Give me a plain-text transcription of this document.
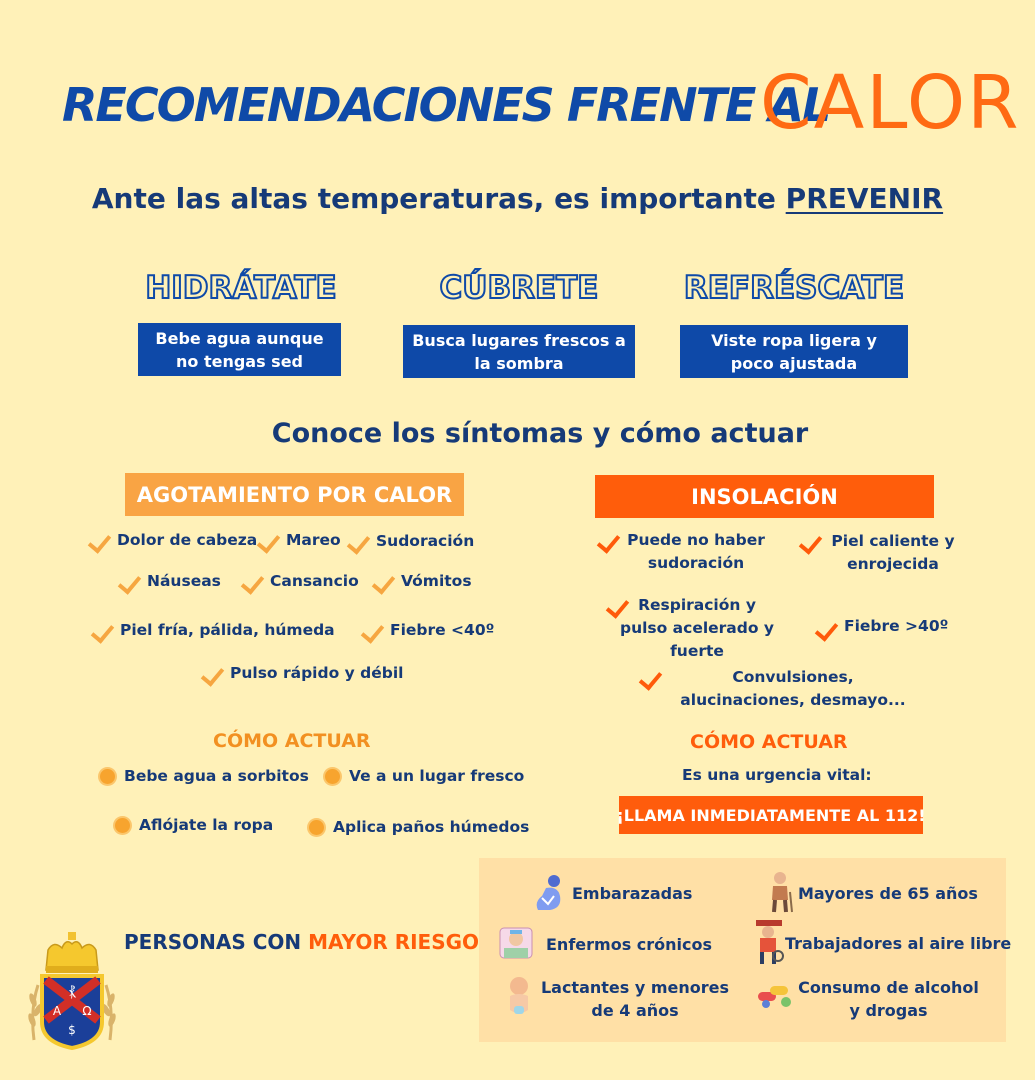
RECOMENDACIONES FRENTE AL
CALOR
Ante las altas temperaturas, es importante PREVENIR
HIDRÁTATE
Bebe agua aunque no tengas sed
CÚBRETE
Busca lugares frescos a la sombra
REFRÉSCATE
Viste ropa ligera y poco ajustada
Conoce los síntomas y cómo actuar
AGOTAMIENTO POR CALOR
Dolor de cabeza Mareo Sudoración
Náuseas	Cansancio	Vómitos
Piel fría, pálida, húmeda	Fiebre <40º
Pulso rápido y débil
CÓMO ACTUAR
Bebe agua a sorbitos	Ve a un lugar fresco
Aflójate la ropa	Aplica paños húmedos
INSOLACIÓN
Puede no haber sudoración
Piel caliente y enrojecida
Respiración y pulso acelerado y fuerte
Fiebre >40º
Convulsiones, alucinaciones, desmayo...
CÓMO ACTUAR
Es una urgencia vital:
¡LLAMA INMEDIATAMENTE AL 112!
PERSONAS CON MAYOR RIESGO
⳩
A Ω
$
Embarazadas	Mayores de 65 años
Enfermos crónicos	Trabajadores al aire libre
Lactantes y menores de 4 años
Consumo de alcohol y drogas
